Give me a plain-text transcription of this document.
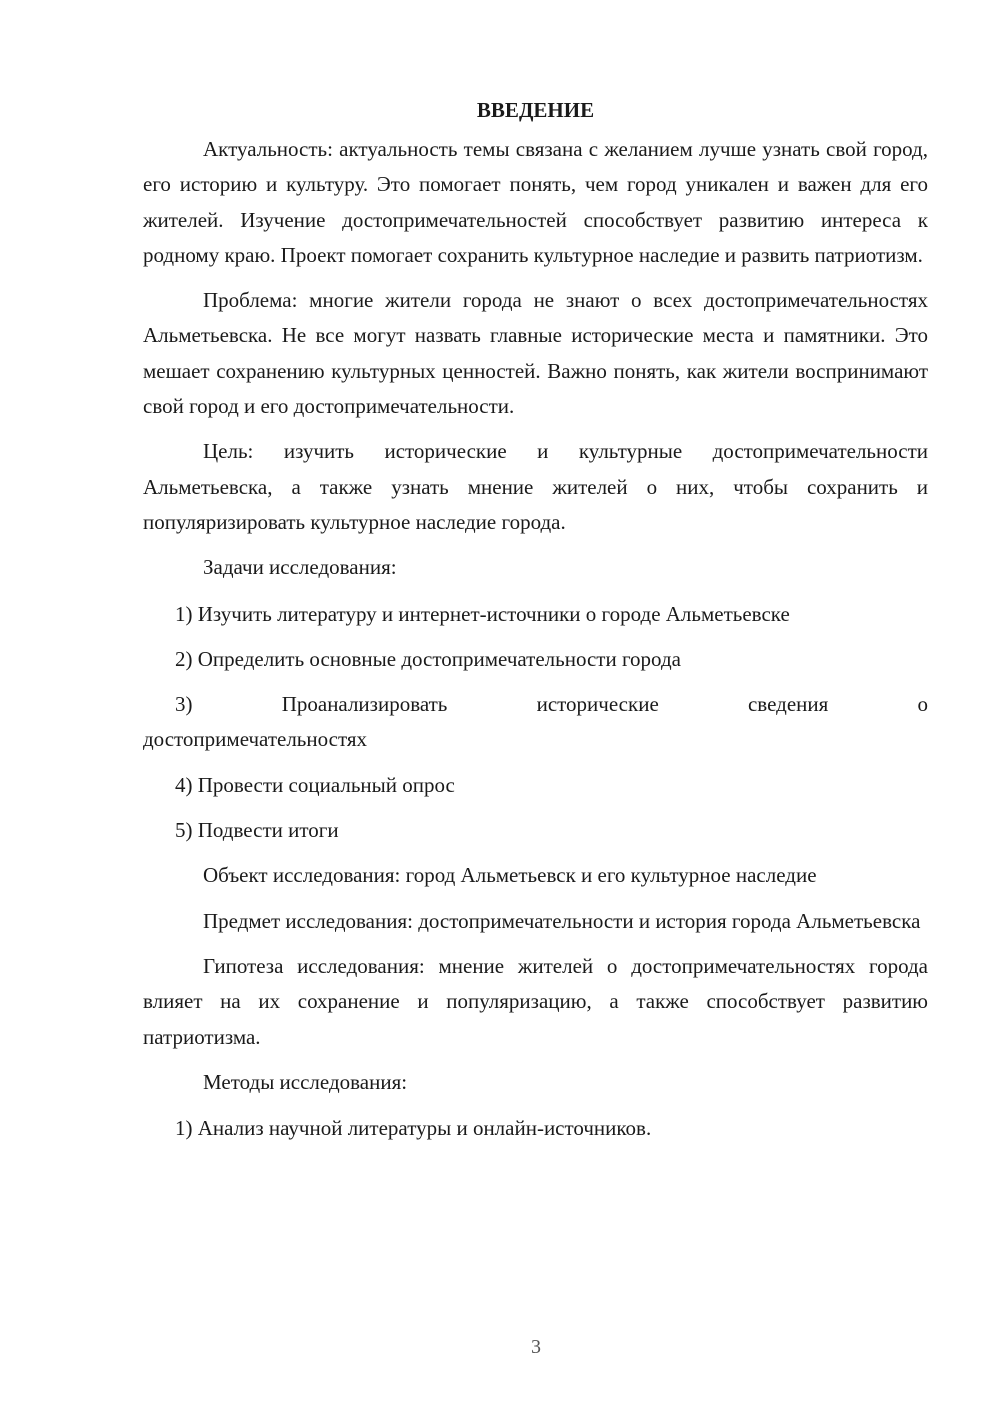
ВВЕДЕНИЕ

Актуальность: актуальность темы связана с желанием лучше узнать свой город, его историю и культуру. Это помогает понять, чем город уникален и важен для его жителей. Изучение достопримечательностей способствует развитию интереса к родному краю. Проект помогает сохранить культурное наследие и развить патриотизм.

Проблема: многие жители города не знают о всех достопримечательностях Альметьевска. Не все могут назвать главные исторические места и памятники. Это мешает сохранению культурных ценностей. Важно понять, как жители воспринимают свой город и его достопримечательности.

Цель: изучить исторические и культурные достопримечательности Альметьевска, а также узнать мнение жителей о них, чтобы сохранить и популяризировать культурное наследие города.

Задачи исследования:

1) Изучить литературу и интернет-источники о городе Альметьевске

2) Определить основные достопримечательности города

3) Проанализировать исторические сведения о

достопримечательностях

4) Провести социальный опрос

5) Подвести итоги

Объект исследования: город Альметьевск и его культурное наследие

Предмет исследования: достопримечательности и история города Альметьевска

Гипотеза исследования: мнение жителей о достопримечательностях города влияет на их сохранение и популяризацию, а также способствует развитию патриотизма.

Методы исследования:

1) Анализ научной литературы и онлайн-источников.

3
